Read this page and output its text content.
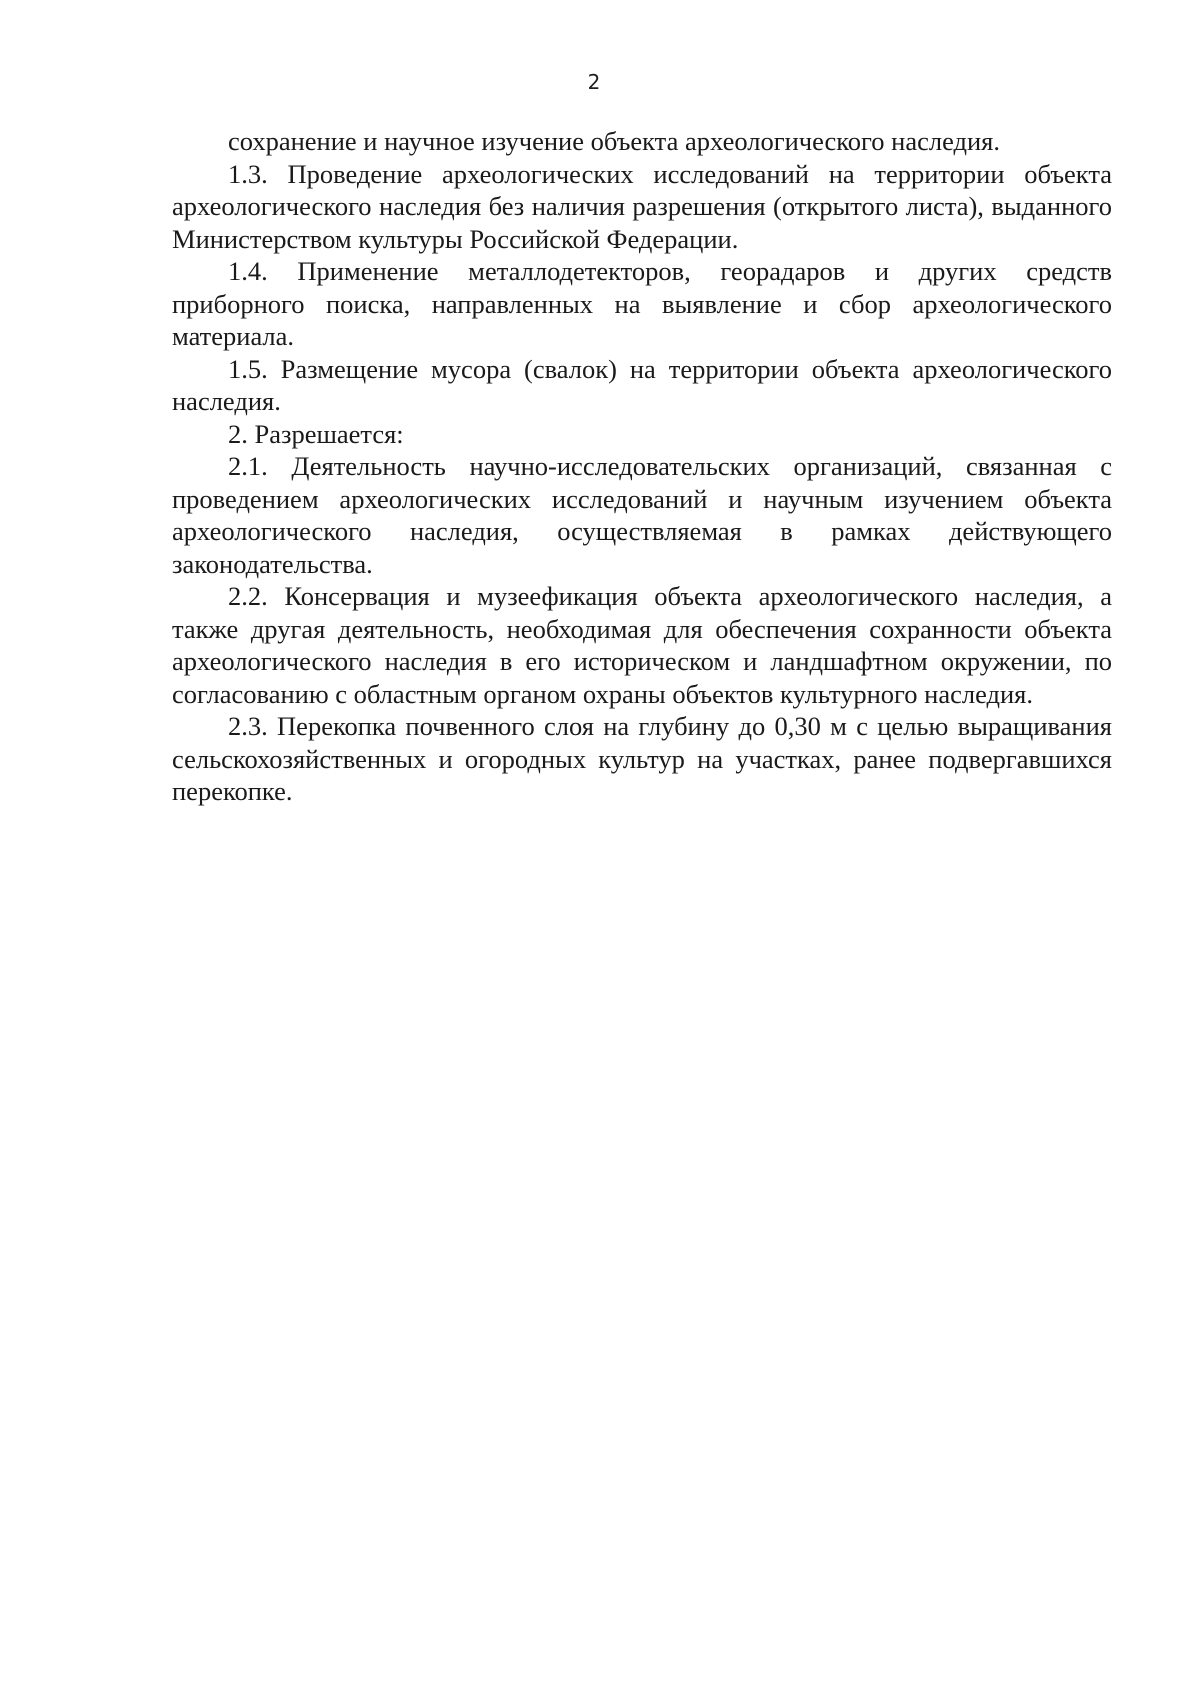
2

сохранение и научное изучение объекта археологического наследия.

1.3. Проведение археологических исследований на территории объекта археологического наследия без наличия разрешения (открытого листа), выданного Министерством культуры Российской Федерации.

1.4. Применение металлодетекторов, георадаров и других средств приборного поиска, направленных на выявление и сбор археологического материала.

1.5. Размещение мусора (свалок) на территории объекта археологического наследия.

2. Разрешается:

2.1. Деятельность научно-исследовательских организаций, связанная с проведением археологических исследований и научным изучением объекта археологического наследия, осуществляемая в рамках действующего законодательства.

2.2. Консервация и музеефикация объекта археологического наследия, а также другая деятельность, необходимая для обеспечения сохранности объекта археологического наследия в его историческом и ландшафтном окружении, по согласованию с областным органом охраны объектов культурного наследия.

2.3. Перекопка почвенного слоя на глубину до 0,30 м с целью выращивания сельскохозяйственных и огородных культур на участках, ранее подвергавшихся перекопке.
